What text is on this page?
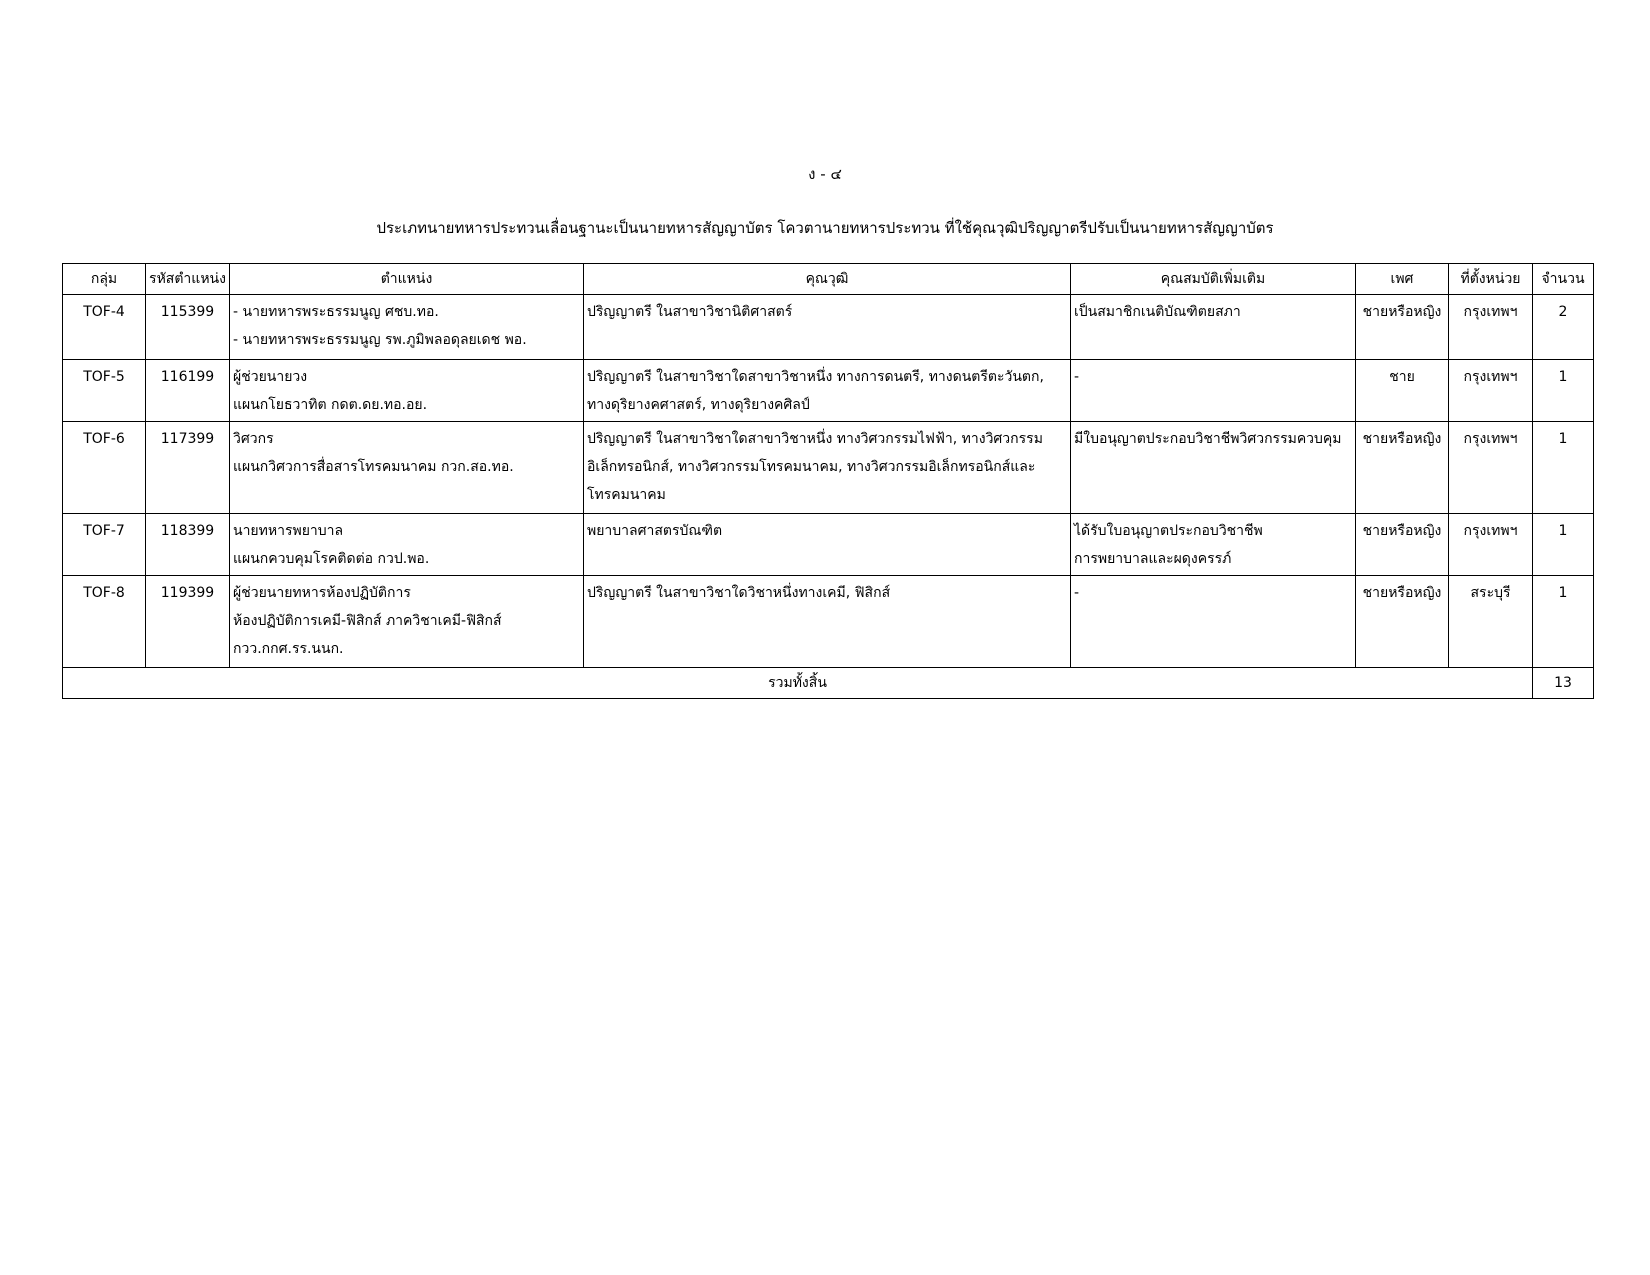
ง - ๔
ประเภทนายทหารประทวนเลื่อนฐานะเป็นนายทหารสัญญาบัตร โควตานายทหารประทวน ที่ใช้คุณวุฒิปริญญาตรีปรับเป็นนายทหารสัญญาบัตร
กลุ่ม	รหัสตำแหน่ง	ตำแหน่ง	คุณวุฒิ	คุณสมบัติเพิ่มเติม	เพศ	ที่ตั้งหน่วย	จำนวน
TOF-4	115399	- นายทหารพระธรรมนูญ ศชบ.ทอ.
- นายทหารพระธรรมนูญ รพ.ภูมิพลอดุลยเดช พอ.	ปริญญาตรี ในสาขาวิชานิติศาสตร์	เป็นสมาชิกเนติบัณฑิตยสภา	ชายหรือหญิง	กรุงเทพฯ	2
TOF-5	116199	ผู้ช่วยนายวง
แผนกโยธวาทิต กดต.ดย.ทอ.อย.	ปริญญาตรี ในสาขาวิชาใดสาขาวิชาหนึ่ง ทางการดนตรี, ทางดนตรีตะวันตก,
ทางดุริยางคศาสตร์, ทางดุริยางคศิลป์	-	ชาย	กรุงเทพฯ	1
TOF-6	117399	วิศวกร
แผนกวิศวการสื่อสารโทรคมนาคม กวก.สอ.ทอ.	ปริญญาตรี ในสาขาวิชาใดสาขาวิชาหนึ่ง ทางวิศวกรรมไฟฟ้า, ทางวิศวกรรม
อิเล็กทรอนิกส์, ทางวิศวกรรมโทรคมนาคม, ทางวิศวกรรมอิเล็กทรอนิกส์และ
โทรคมนาคม	มีใบอนุญาตประกอบวิชาชีพวิศวกรรมควบคุม	ชายหรือหญิง	กรุงเทพฯ	1
TOF-7	118399	นายทหารพยาบาล
แผนกควบคุมโรคติดต่อ กวป.พอ.	พยาบาลศาสตรบัณฑิต	ได้รับใบอนุญาตประกอบวิชาชีพ
การพยาบาลและผดุงครรภ์	ชายหรือหญิง	กรุงเทพฯ	1
TOF-8	119399	ผู้ช่วยนายทหารห้องปฏิบัติการ
ห้องปฏิบัติการเคมี-ฟิสิกส์ ภาควิชาเคมี-ฟิสิกส์
กวว.กกศ.รร.นนก.	ปริญญาตรี ในสาขาวิชาใดวิชาหนึ่งทางเคมี, ฟิสิกส์	-	ชายหรือหญิง	สระบุรี	1
รวมทั้งสิ้น							13
